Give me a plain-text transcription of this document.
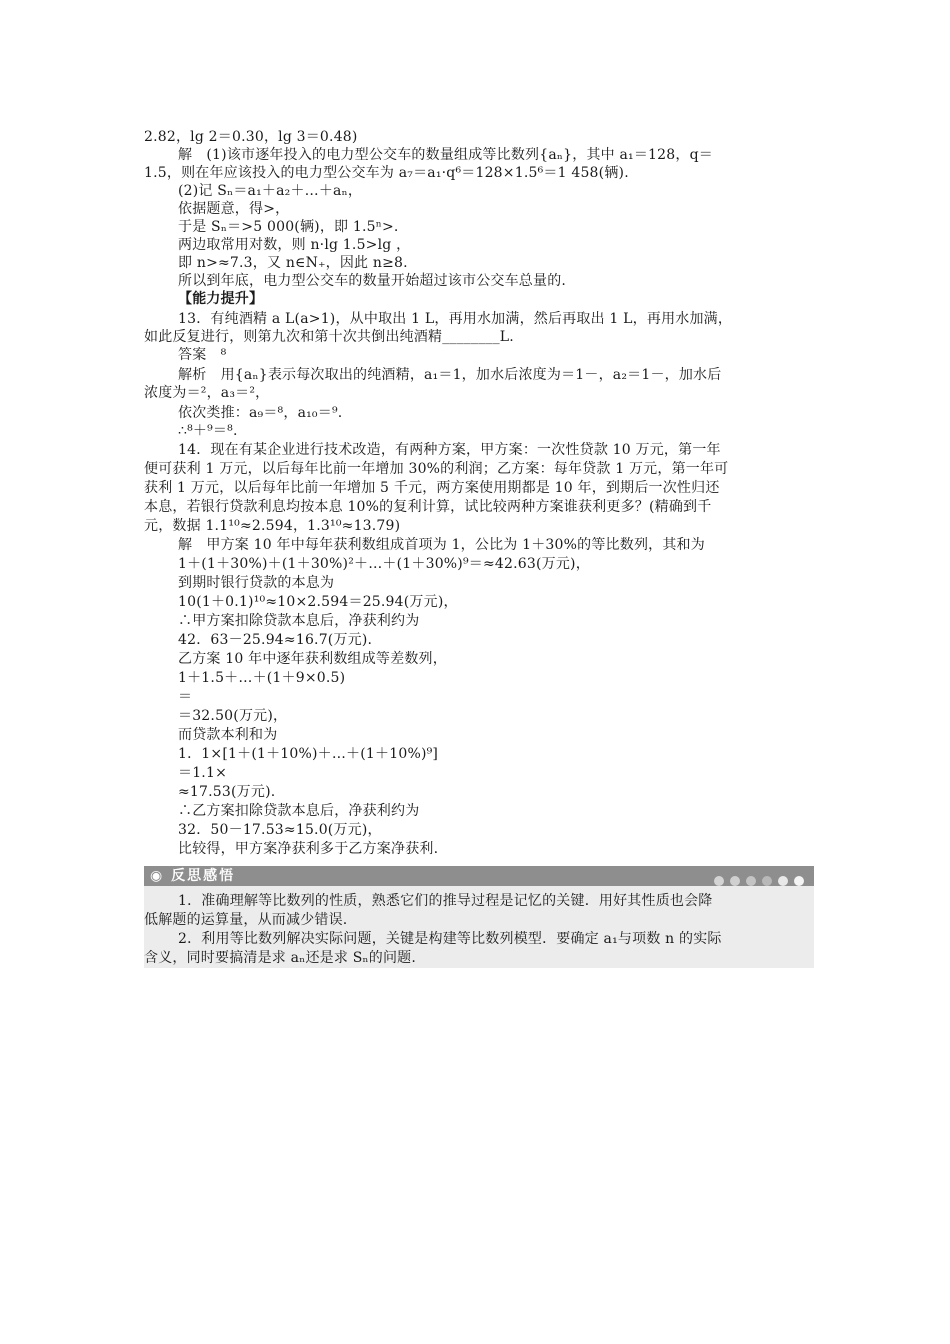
2.82，lg 2＝0.30，lg 3＝0.48)
解　(1)该市逐年投入的电力型公交车的数量组成等比数列{aₙ}，其中 a₁＝128，q＝
1.5，则在年应该投入的电力型公交车为 a₇＝a₁·q⁶＝128×1.5⁶＝1 458(辆).
(2)记 Sₙ＝a₁＋a₂＋…＋aₙ，
依据题意，得>，
于是 Sₙ＝>5 000(辆)，即 1.5ⁿ>.
两边取常用对数，则 n·lg 1.5>lg ，
即 n>≈7.3，又 n∈N₊，因此 n≥8.
所以到年底，电力型公交车的数量开始超过该市公交车总量的.
【能力提升】
13．有纯酒精 a L(a>1)，从中取出 1 L，再用水加满，然后再取出 1 L，再用水加满，
如此反复进行，则第九次和第十次共倒出纯酒精________L.
答案　⁸
解析　用{aₙ}表示每次取出的纯酒精，a₁＝1，加水后浓度为＝1－，a₂＝1－，加水后
浓度为＝²，a₃＝²，
依次类推：a₉＝⁸，a₁₀＝⁹.
∴⁸＋⁹＝⁸.
14．现在有某企业进行技术改造，有两种方案，甲方案：一次性贷款 10 万元，第一年
便可获利 1 万元，以后每年比前一年增加 30%的利润；乙方案：每年贷款 1 万元，第一年可
获利 1 万元，以后每年比前一年增加 5 千元，两方案使用期都是 10 年，到期后一次性归还
本息，若银行贷款利息均按本息 10%的复利计算，试比较两种方案谁获利更多？(精确到千
元，数据 1.1¹⁰≈2.594，1.3¹⁰≈13.79)
解　甲方案 10 年中每年获利数组成首项为 1，公比为 1＋30%的等比数列，其和为
1＋(1＋30%)＋(1＋30%)²＋…＋(1＋30%)⁹＝≈42.63(万元)，
到期时银行贷款的本息为
10(1＋0.1)¹⁰≈10×2.594＝25.94(万元)，
∴甲方案扣除贷款本息后，净获利约为
42．63－25.94≈16.7(万元).
乙方案 10 年中逐年获利数组成等差数列，
1＋1.5＋…＋(1＋9×0.5)
＝
＝32.50(万元)，
而贷款本利和为
1．1×[1＋(1＋10%)＋…＋(1＋10%)⁹]
＝1.1×
≈17.53(万元).
∴乙方案扣除贷款本息后，净获利约为
32．50－17.53≈15.0(万元)，
比较得，甲方案净获利多于乙方案净获利.
◉ 反思感悟
1．准确理解等比数列的性质，熟悉它们的推导过程是记忆的关键．用好其性质也会降
低解题的运算量，从而减少错误.
2．利用等比数列解决实际问题，关键是构建等比数列模型．要确定 a₁与项数 n 的实际
含义，同时要搞清是求 aₙ还是求 Sₙ的问题.
